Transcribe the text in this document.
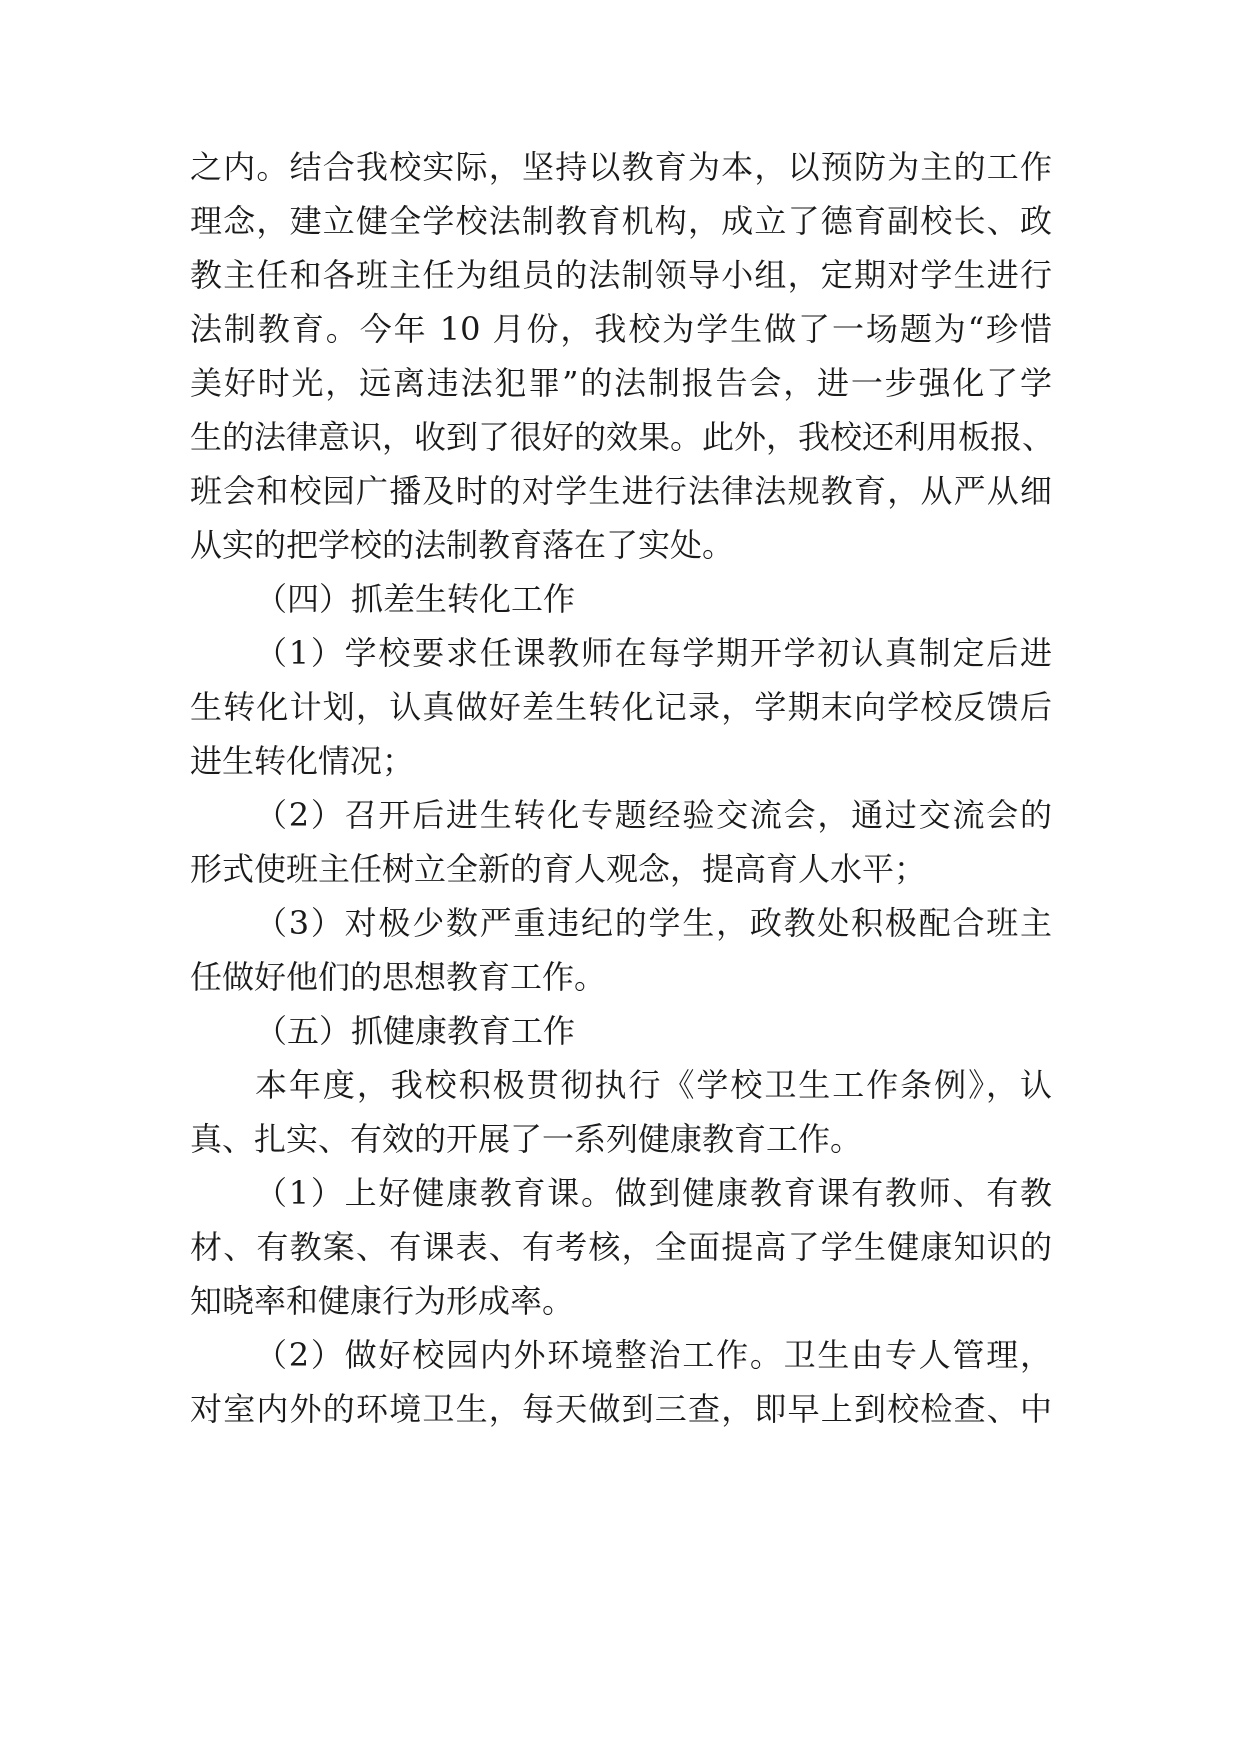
之内。结合我校实际，坚持以教育为本，以预防为主的工作
理念，建立健全学校法制教育机构，成立了德育副校长、政
教主任和各班主任为组员的法制领导小组，定期对学生进行
法制教育。今年 10 月份，我校为学生做了一场题为“珍惜
美好时光，远离违法犯罪”的法制报告会，进一步强化了学
生的法律意识，收到了很好的效果。此外，我校还利用板报、
班会和校园广播及时的对学生进行法律法规教育，从严从细
从实的把学校的法制教育落在了实处。
（四）抓差生转化工作
（1）学校要求任课教师在每学期开学初认真制定后进
生转化计划，认真做好差生转化记录，学期末向学校反馈后
进生转化情况；
（2）召开后进生转化专题经验交流会，通过交流会的
形式使班主任树立全新的育人观念，提高育人水平；
（3）对极少数严重违纪的学生，政教处积极配合班主
任做好他们的思想教育工作。
（五）抓健康教育工作
本年度，我校积极贯彻执行《学校卫生工作条例》，认
真、扎实、有效的开展了一系列健康教育工作。
（1）上好健康教育课。做到健康教育课有教师、有教
材、有教案、有课表、有考核，全面提高了学生健康知识的
知晓率和健康行为形成率。
（2）做好校园内外环境整治工作。卫生由专人管理，
对室内外的环境卫生，每天做到三查，即早上到校检查、中
